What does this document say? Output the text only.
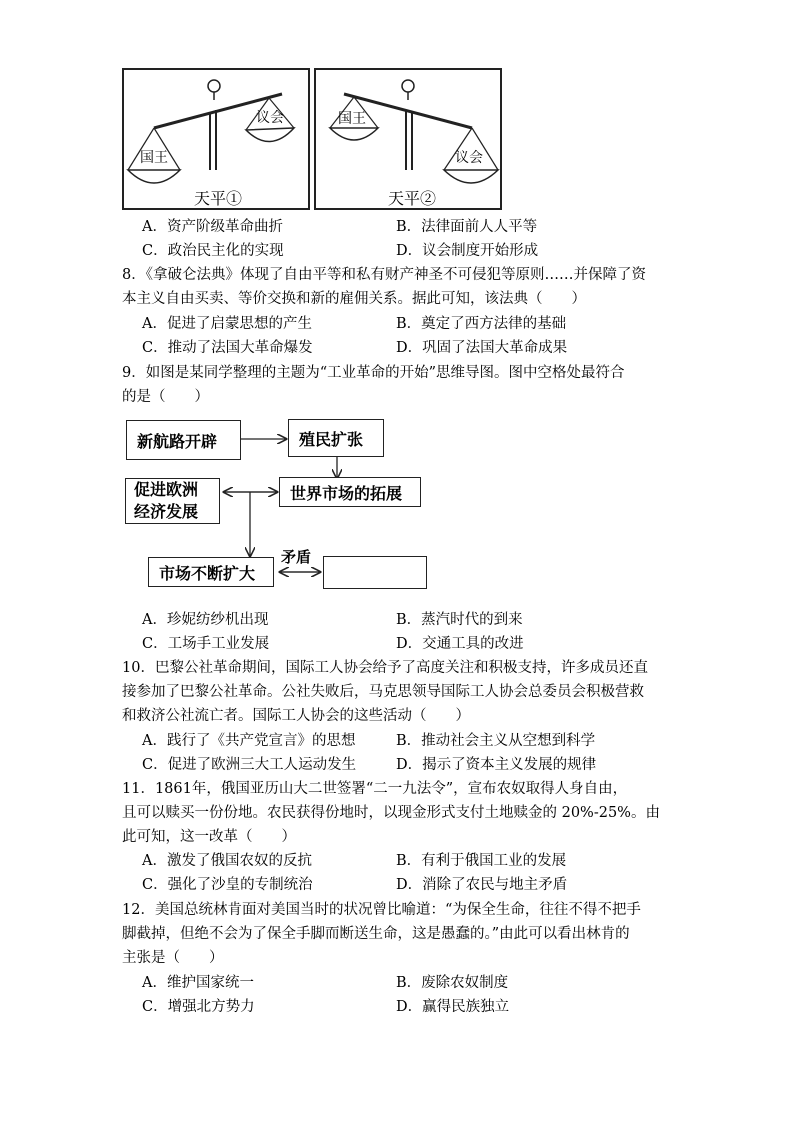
国王
议会
天平①
国王
议会
天平②
A．资产阶级革命曲折	B．法律面前人人平等
C．政治民主化的实现	D．议会制度开始形成
8．《拿破仑法典》体现了自由平等和私有财产神圣不可侵犯等原则……并保障了资
本主义自由买卖、等价交换和新的雇佣关系。据此可知，该法典（　　）
A．促进了启蒙思想的产生	B．奠定了西方法律的基础
C．推动了法国大革命爆发	D．巩固了法国大革命成果
9．如图是某同学整理的主题为“工业革命的开始”思维导图。图中空格处最符合
的是（　　）
新航路开辟	殖民扩张
世界市场的拓展
促进欧洲
经济发展
市场不断扩大
矛盾
A．珍妮纺纱机出现	B．蒸汽时代的到来
C．工场手工业发展	D．交通工具的改进
10．巴黎公社革命期间，国际工人协会给予了高度关注和积极支持，许多成员还直
接参加了巴黎公社革命。公社失败后，马克思领导国际工人协会总委员会积极营救
和救济公社流亡者。国际工人协会的这些活动（　　）
A．践行了《共产党宣言》的思想	B．推动社会主义从空想到科学
C．促进了欧洲三大工人运动发生	D．揭示了资本主义发展的规律
11．1861年，俄国亚历山大二世签署“二一九法令”，宣布农奴取得人身自由，
且可以赎买一份份地。农民获得份地时，以现金形式支付土地赎金的 20%-25%。由
此可知，这一改革（　　）
A．激发了俄国农奴的反抗	B．有利于俄国工业的发展
C．强化了沙皇的专制统治	D．消除了农民与地主矛盾
12．美国总统林肯面对美国当时的状况曾比喻道：“为保全生命，往往不得不把手
脚截掉，但绝不会为了保全手脚而断送生命，这是愚蠢的。”由此可以看出林肯的
主张是（　　）
A．维护国家统一	B．废除农奴制度
C．增强北方势力	D．赢得民族独立
